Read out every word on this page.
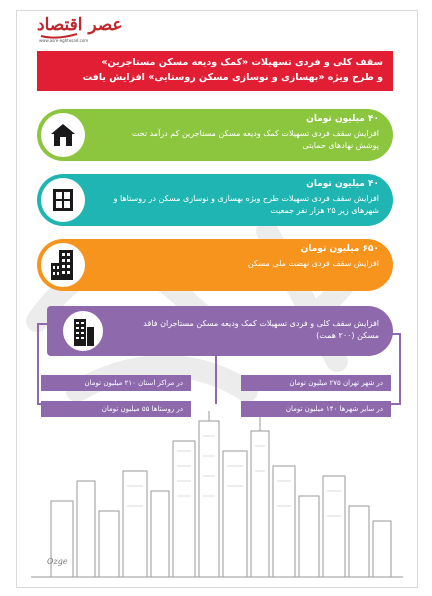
عصر اقتصاد
www.asre-eghtesad.com
سقف کلی و فردی تسهیلات «کمک ودیعه مسکن مستاجرین»
و طرح ویژه «بهسازی و نوسازی مسکن روستایی» افزایش یافت
۴۰ میلیون تومان
افزایش سقف فردی تسهیلات کمک ودیعه مسکن مستاجرین کم درآمد تحت پوشش نهادهای حمایتی
۴۰ میلیون تومان
افزایش سقف فردی تسهیلات طرح ویژه بهسازی و نوسازی مسکن در روستاها و شهرهای زیر ۲۵ هزار نفر جمعیت
۶۵۰ میلیون تومان
افزایش سقف فردی نهضت ملی مسکن
افزایش سقف کلی و فردی تسهیلات کمک ودیعه مسکن مستاجران فاقد مسکن (۲۰۰ همت)
در مراکز استان ۲۱۰ میلیون تومان	در شهر تهران ۲۷۵ میلیون تومان
در روستاها ۵۵ میلیون تومان	در سایر شهرها ۱۴۰ میلیون تومان
Ozge
